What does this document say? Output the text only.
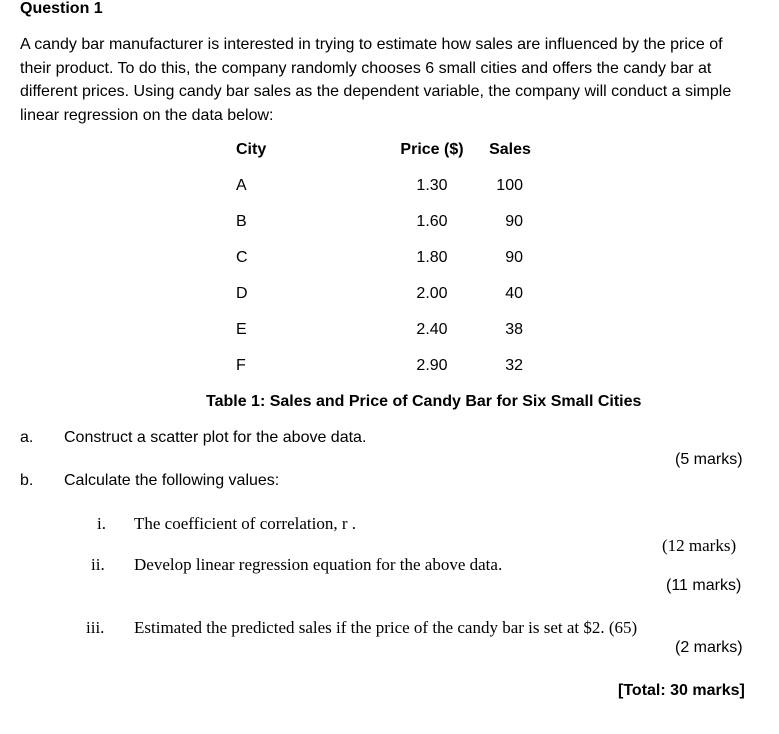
Question 1

A candy bar manufacturer is interested in trying to estimate how sales are influenced by the price of

their product. To do this, the company randomly chooses 6 small cities and offers the candy bar at

different prices. Using candy bar sales as the dependent variable, the company will conduct a simple

linear regression on the data below:

City	Price ($)	Sales
A	1.30	100
B	1.60	90
C	1.80	90
D	2.00	40
E	2.40	38
F	2.90	32
Table 1: Sales and Price of Candy Bar for Six Small Cities
a. Construct a scatter plot for the above data.
(5 marks)
b. Calculate the following values:
i. The coefficient of correlation, r .
(12 marks)
ii. Develop linear regression equation for the above data.
(11 marks)
iii. Estimated the predicted sales if the price of the candy bar is set at $2. (65)
(2 marks)
[Total: 30 marks]
